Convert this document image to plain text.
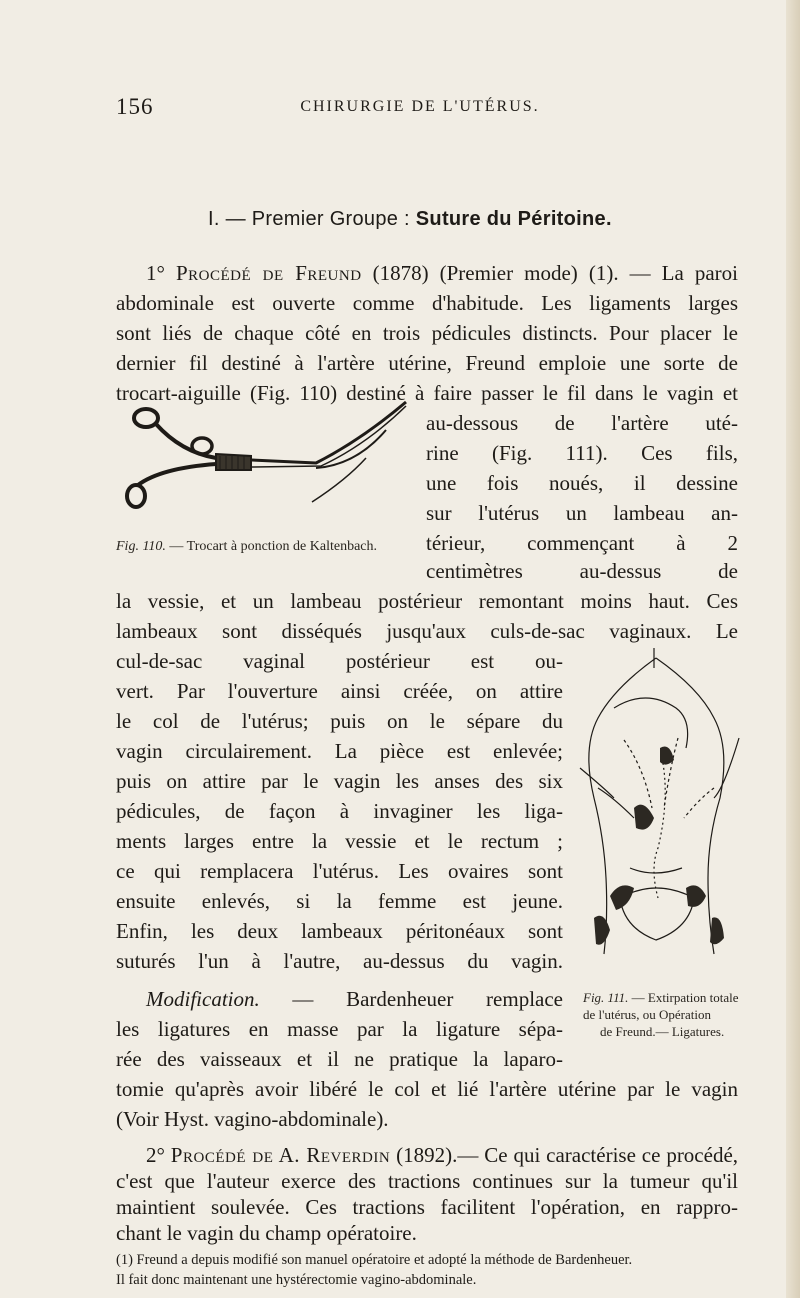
156	CHIRURGIE DE L'UTÉRUS.
I. — Premier Groupe : Suture du Péritoine.
1° Procédé de Freund (1878) (Premier mode) (1). — La paroi
abdominale est ouverte comme d'habitude. Les ligaments larges
sont liés de chaque côté en trois pédicules distincts. Pour placer le
dernier fil destiné à l'artère utérine, Freund emploie une sorte de
trocart-aiguille (Fig. 110) destiné à faire passer le fil dans le vagin et
au-dessous de l'artère uté-
rine (Fig. 111). Ces fils,
une fois noués, il dessine
sur l'utérus un lambeau an-
térieur, commençant à 2
centimètres au-dessus de
la vessie, et un lambeau postérieur remontant moins haut. Ces
lambeaux sont disséqués jusqu'aux culs-de-sac vaginaux. Le
cul-de-sac vaginal postérieur est ou-
vert. Par l'ouverture ainsi créée, on attire
le col de l'utérus; puis on le sépare du
vagin circulairement. La pièce est enlevée;
puis on attire par le vagin les anses des six
pédicules, de façon à invaginer les liga-
ments larges entre la vessie et le rectum ;
ce qui remplacera l'utérus. Les ovaires sont
ensuite enlevés, si la femme est jeune.
Enfin, les deux lambeaux péritonéaux sont
suturés l'un à l'autre, au-dessus du vagin.
Modification. — Bardenheuer remplace
les ligatures en masse par la ligature sépa-
rée des vaisseaux et il ne pratique la laparo-
tomie qu'après avoir libéré le col et lié l'artère utérine par le vagin
(Voir Hyst. vagino-abdominale).
2° Procédé de A. Reverdin (1892).— Ce qui caractérise ce procédé,
c'est que l'auteur exerce des tractions continues sur la tumeur qu'il
maintient soulevée. Ces tractions facilitent l'opération, en rappro-
chant le vagin du champ opératoire.
Fig. 110. — Trocart à ponction de Kaltenbach.
Fig. 111. — Extirpation totale
de l'utérus, ou Opération
de Freund.— Ligatures.
(1) Freund a depuis modifié son manuel opératoire et adopté la méthode de Bardenheuer.
Il fait donc maintenant une hystérectomie vagino-abdominale.
